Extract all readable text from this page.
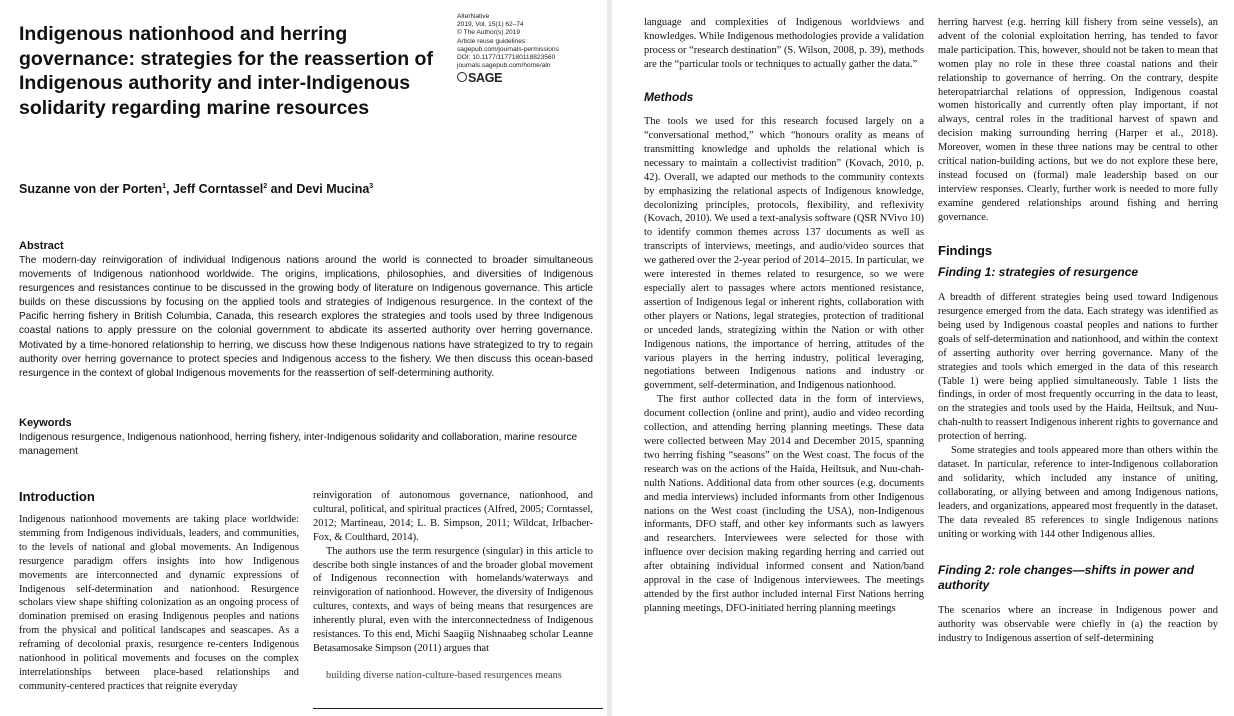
Indigenous nationhood and herring governance: strategies for the reassertion of Indigenous authority and inter-Indigenous solidarity regarding marine resources
AlterNative
2019, Vol. 15(1) 62–74
© The Author(s) 2019
Article reuse guidelines:
sagepub.com/journals-permissions
DOI: 10.1177/1177180118823560
journals.sagepub.com/home/aln
SAGE

Suzanne von der Porten$^1$, Jeff Corntassel$^2$ and Devi Mucina$^3$

Abstract

The modern-day reinvigoration of individual Indigenous nations around the world is connected to broader simultaneous movements of Indigenous nationhood worldwide. The origins, implications, philosophies, and diversities of Indigenous resurgences and resistances continue to be discussed in the growing body of literature on Indigenous governance. This article builds on these discussions by focusing on the applied tools and strategies of Indigenous resurgence. In the context of the Pacific herring fishery in British Columbia, Canada, this research explores the strategies and tools used by three Indigenous coastal nations to apply pressure on the colonial government to abdicate its asserted authority over herring governance. Motivated by a time-honored relationship to herring, we discuss how these Indigenous nations have strategized to try to regain authority over herring governance to protect species and Indigenous access to the fishery. We then discuss this ocean-based resurgence in the context of global Indigenous movements for the reassertion of self-determining authority.

Keywords

Indigenous resurgence, Indigenous nationhood, herring fishery, inter-Indigenous solidarity and collaboration, marine resource management

Introduction

Indigenous nationhood movements are taking place worldwide: stemming from Indigenous individuals, leaders, and communities, to the levels of national and global movements. An Indigenous resurgence paradigm offers insights into how Indigenous movements are interconnected and dynamic expressions of Indigenous self-determination and nationhood. Resurgence scholars view shape shifting colonization as an ongoing process of domination premised on erasing Indigenous peoples and nations from the physical and political landscapes and seascapes. As a reframing of decolonial praxis, resurgence re-centers Indigenous nationhood in political movements and focuses on the complex interrelationships between place-based relationships and community-centered practices that reignite everyday

reinvigoration of autonomous governance, nationhood, and cultural, political, and spiritual practices (Alfred, 2005; Corntassel, 2012; Martineau, 2014; L. B. Simpson, 2011; Wildcat, Irlbacher-Fox, & Coulthard, 2014).

The authors use the term resurgence (singular) in this article to describe both single instances of and the broader global movement of Indigenous reconnection with homelands/waterways and reinvigoration of nationhood. However, the diversity of Indigenous cultures, contexts, and ways of being means that resurgences are inherently plural, even with the interconnectedness of Indigenous resistances. To this end, Michi Saagiig Nishnaabeg scholar Leanne Betasamosake Simpson (2011) argues that

building diverse nation-culture-based resurgences means

language and complexities of Indigenous worldviews and knowledges. While Indigenous methodologies provide a validation process or “research destination” (S. Wilson, 2008, p. 39), methods are the “particular tools or techniques to actually gather the data.”

Methods

The tools we used for this research focused largely on a “conversational method,” which “honours orality as means of transmitting knowledge and upholds the relational which is necessary to maintain a collectivist tradition” (Kovach, 2010, p. 42). Overall, we adapted our methods to the community contexts by emphasizing the relational aspects of Indigenous knowledge, decolonizing principles, protocols, flexibility, and reflexivity (Kovach, 2010). We used a text-analysis software (QSR NVivo 10) to identify common themes across 137 documents as well as transcripts of interviews, meetings, and audio/video sources that we gathered over the 2-year period of 2014–2015. In particular, we were interested in themes related to resurgence, so we were especially alert to passages where actors mentioned resistance, assertion of Indigenous legal or inherent rights, collaboration with other players or Nations, legal strategies, protection of traditional or unceded lands, strategizing within the Nation or with other Indigenous nations, the importance of herring, attitudes of the various players in the herring industry, political leveraging, negotiations between Indigenous nations and industry or government, self-determination, and Indigenous nationhood.

The first author collected data in the form of interviews, document collection (online and print), audio and video recording collection, and attending herring planning meetings. These data were collected between May 2014 and December 2015, spanning two herring fishing “seasons” on the West coast. The focus of the research was on the actions of the Haida, Heiltsuk, and Nuu-chah-nulth Nations. Additional data from other sources (e.g. documents and media interviews) included informants from other Indigenous nations on the West coast (including the USA), non-Indigenous informants, DFO staff, and other key informants such as lawyers and researchers. Interviewees were selected for those with influence over decision making regarding herring and carried out after obtaining individual informed consent and Nation/band approval in the case of Indigenous interviewees. The meetings attended by the first author included internal First Nations herring planning meetings, DFO-initiated herring planning meetings

herring harvest (e.g. herring kill fishery from seine vessels), an advent of the colonial exploitation herring, has tended to favor male participation. This, however, should not be taken to mean that women play no role in these three coastal nations and their relationship to governance of herring. On the contrary, despite heteropatriarchal relations of oppression, Indigenous coastal women historically and currently often play important, if not always, central roles in the traditional harvest of spawn and decision making surrounding herring (Harper et al., 2018). Moreover, women in these three nations may be central to other critical nation-building actions, but we do not explore these here, instead focused on (formal) male leadership based on our interview responses. Clearly, further work is needed to more fully examine gendered relationships around fishing and herring governance.

Findings
Finding 1: strategies of resurgence

A breadth of different strategies being used toward Indigenous resurgence emerged from the data. Each strategy was identified as being used by Indigenous coastal peoples and nations to further goals of self-determination and nationhood, and within the context of asserting authority over herring governance. Many of the strategies and tools which emerged in the data of this research (Table 1) were being applied simultaneously. Table 1 lists the findings, in order of most frequently occurring in the data to least, on the strategies and tools used by the Haida, Heiltsuk, and Nuu-chah-nulth to reassert Indigenous inherent rights to governance and protection of herring.

Some strategies and tools appeared more than others within the dataset. In particular, reference to inter-Indigenous collaboration and solidarity, which included any instance of uniting, collaborating, or allying between and among Indigenous nations, leaders, and organizations, appeared most frequently in the dataset. The data revealed 85 references to single Indigenous nations uniting or working with 144 other Indigenous allies.

Finding 2: role changes—shifts in power and authority

The scenarios where an increase in Indigenous power and authority was observable were chiefly in (a) the reaction by industry to Indigenous assertion of self-determining
